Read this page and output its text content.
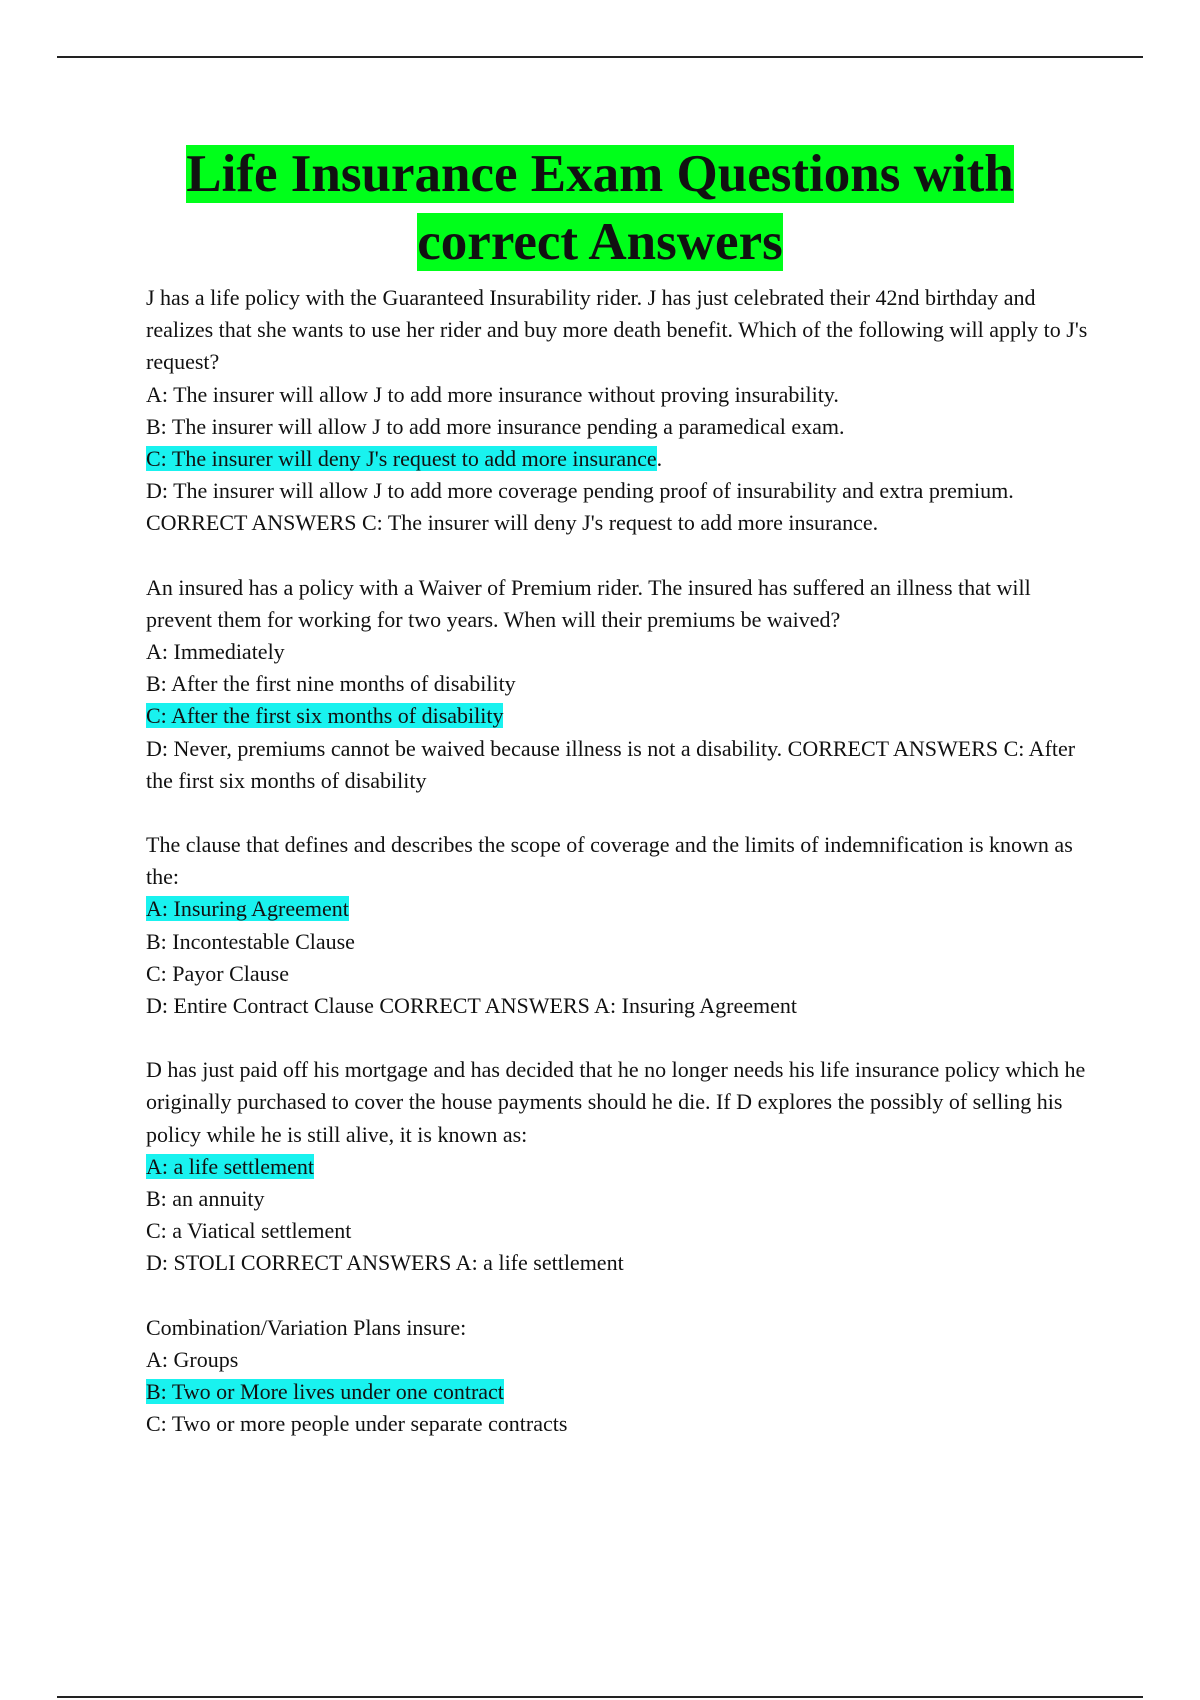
Life Insurance Exam Questions with
correct Answers
J has a life policy with the Guaranteed Insurability rider. J has just celebrated their 42nd birthday and realizes that she wants to use her rider and buy more death benefit. Which of the following will apply to J's request?
A: The insurer will allow J to add more insurance without proving insurability.
B: The insurer will allow J to add more insurance pending a paramedical exam.
C: The insurer will deny J's request to add more insurance.
D: The insurer will allow J to add more coverage pending proof of insurability and extra premium. CORRECT ANSWERS C: The insurer will deny J's request to add more insurance.
An insured has a policy with a Waiver of Premium rider. The insured has suffered an illness that will prevent them for working for two years. When will their premiums be waived?
A: Immediately
B: After the first nine months of disability
C: After the first six months of disability
D: Never, premiums cannot be waived because illness is not a disability. CORRECT ANSWERS C: After the first six months of disability
The clause that defines and describes the scope of coverage and the limits of indemnification is known as the:
A: Insuring Agreement
B: Incontestable Clause
C: Payor Clause
D: Entire Contract Clause CORRECT ANSWERS A: Insuring Agreement
D has just paid off his mortgage and has decided that he no longer needs his life insurance policy which he originally purchased to cover the house payments should he die. If D explores the possibly of selling his policy while he is still alive, it is known as:
A: a life settlement
B: an annuity
C: a Viatical settlement
D: STOLI CORRECT ANSWERS A: a life settlement
Combination/Variation Plans insure:
A: Groups
B: Two or More lives under one contract
C: Two or more people under separate contracts
